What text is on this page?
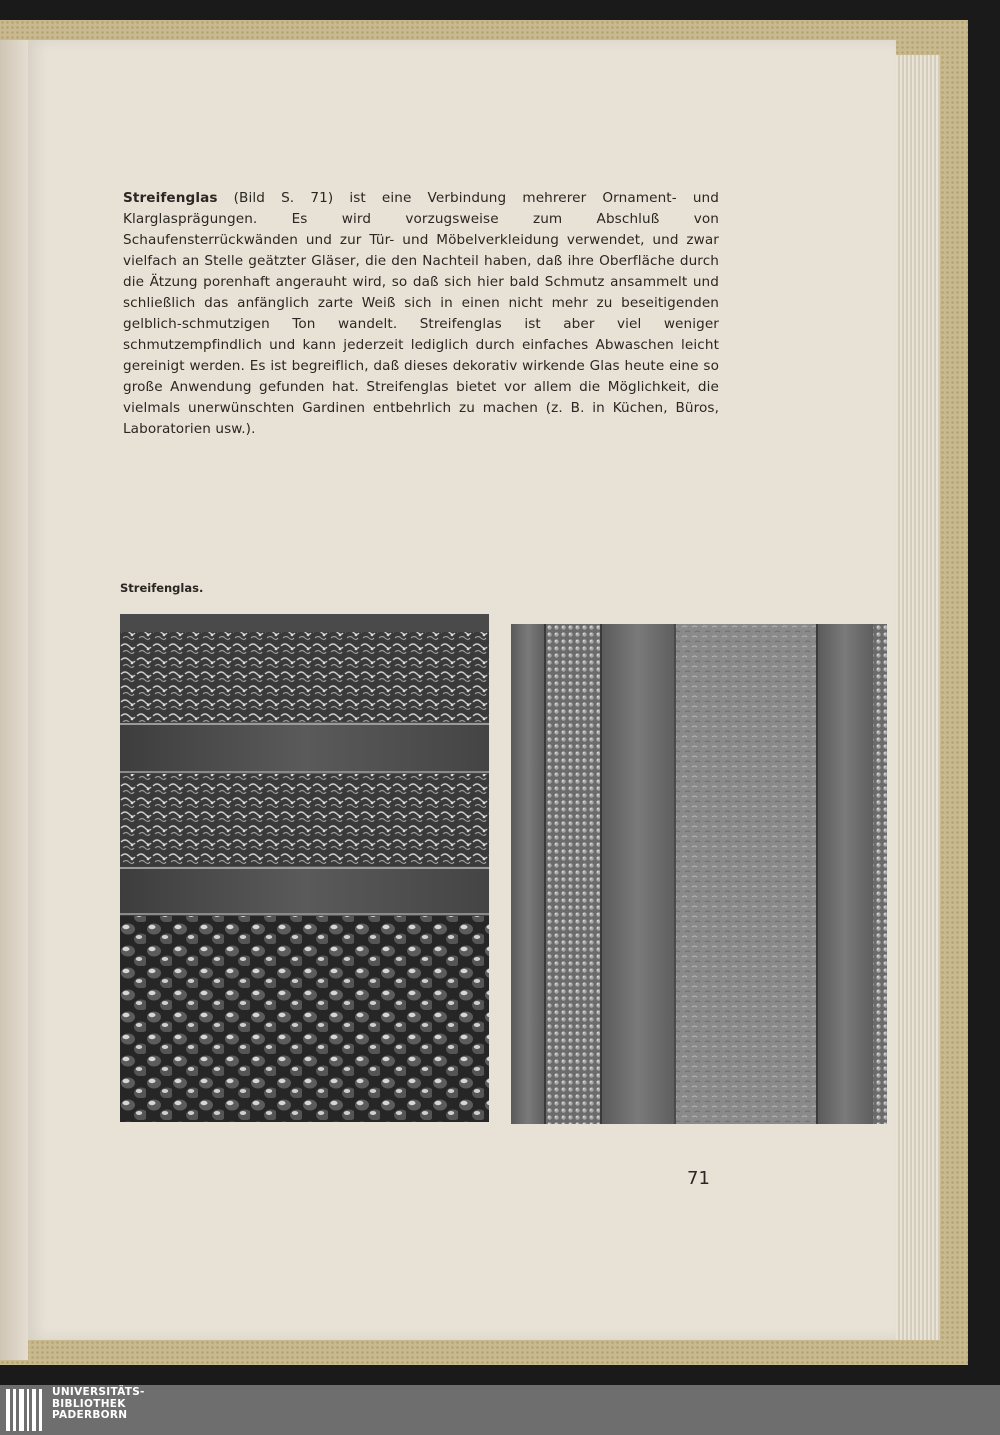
Streifenglas (Bild S. 71) ist eine Verbindung mehrerer Ornament- und Klarglasprägungen. Es wird vorzugsweise zum Abschluß von Schaufensterrückwänden und zur Tür- und Möbelverkleidung verwendet, und zwar vielfach an Stelle geätzter Gläser, die den Nachteil haben, daß ihre Oberfläche durch die Ätzung porenhaft angerauht wird, so daß sich hier bald Schmutz ansammelt und schließlich das anfänglich zarte Weiß sich in einen nicht mehr zu beseitigenden gelblich-schmutzigen Ton wandelt. Streifenglas ist aber viel weniger schmutzempfindlich und kann jederzeit lediglich durch einfaches Abwaschen leicht gereinigt werden. Es ist begreiflich, daß dieses dekorativ wirkende Glas heute eine so große Anwendung gefunden hat. Streifenglas bietet vor allem die Möglichkeit, die vielmals unerwünschten Gardinen entbehrlich zu machen (z. B. in Küchen, Büros, Laboratorien usw.).

Streifenglas.
71
UNIVERSITÄTS-
BIBLIOTHEK
PADERBORN
